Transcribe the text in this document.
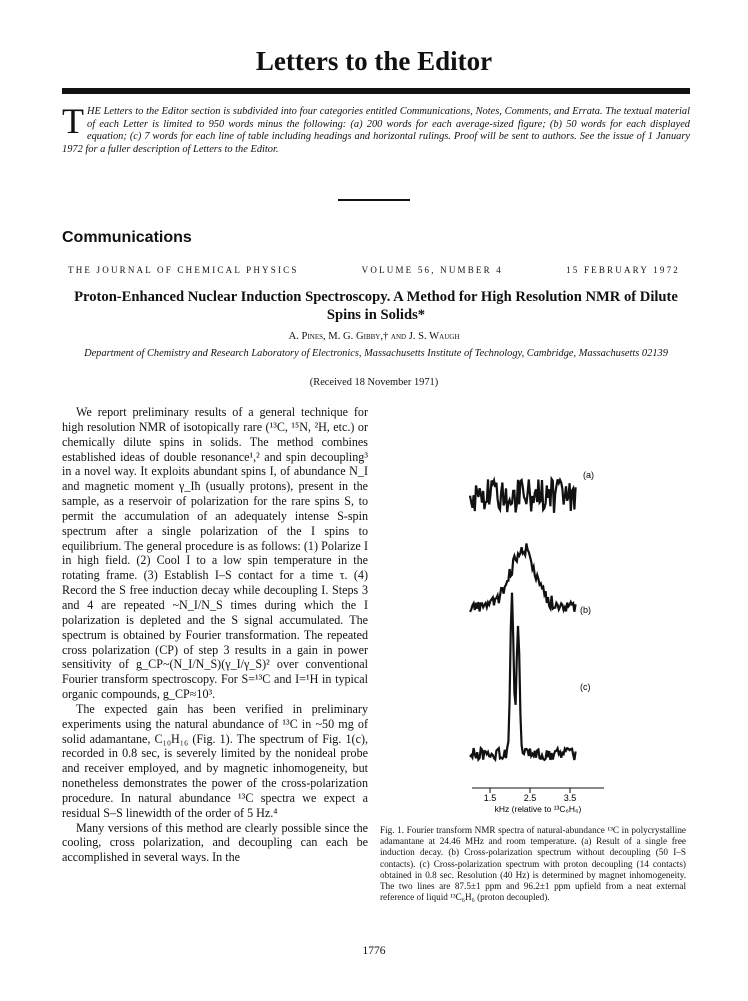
Letters to the Editor
THE Letters to the Editor section is subdivided into four categories entitled Communications, Notes, Comments, and Errata. The textual material of each Letter is limited to 950 words minus the following: (a) 200 words for each average-sized figure; (b) 50 words for each displayed equation; (c) 7 words for each line of table including headings and horizontal rulings. Proof will be sent to authors. See the issue of 1 January 1972 for a fuller description of Letters to the Editor.
Communications
THE JOURNAL OF CHEMICAL PHYSICS	VOLUME 56, NUMBER 4	15 FEBRUARY 1972
Proton-Enhanced Nuclear Induction Spectroscopy. A Method for High Resolution NMR of Dilute Spins in Solids*
A. Pines, M. G. Gibby,† and J. S. Waugh
Department of Chemistry and Research Laboratory of Electronics, Massachusetts Institute of Technology, Cambridge, Massachusetts 02139
(Received 18 November 1971)

We report preliminary results of a general technique for high resolution NMR of isotopically rare (¹³C, ¹⁵N, ²H, etc.) or chemically dilute spins in solids. The method combines established ideas of double resonance¹,² and spin decoupling³ in a novel way. It exploits abundant spins I, of abundance N_I and magnetic moment γ_Iħ (usually protons), present in the sample, as a reservoir of polarization for the rare spins S, to permit the accumulation of an adequately intense S-spin spectrum after a single polarization of the I spins to equilibrium. The general procedure is as follows: (1) Polarize I in high field. (2) Cool I to a low spin temperature in the rotating frame. (3) Establish I–S contact for a time τ. (4) Record the S free induction decay while decoupling I. Steps 3 and 4 are repeated ~N_I/N_S times during which the I polarization is depleted and the S signal accumulated. The spectrum is obtained by Fourier transformation. The repeated cross polarization (CP) of step 3 results in a gain in power sensitivity of g_CP~(N_I/N_S)(γ_I/γ_S)² over conventional Fourier transform spectroscopy. For S=¹³C and I=¹H in typical organic compounds, g_CP≈10³.

The expected gain has been verified in preliminary experiments using the natural abundance of ¹³C in ~50 mg of solid adamantane, C₁₀H₁₆ (Fig. 1). The spectrum of Fig. 1(c), recorded in 0.8 sec, is severely limited by the nonideal probe and receiver employed, and by magnetic inhomogeneity, but nonetheless demonstrates the power of the cross-polarization procedure. In natural abundance ¹³C spectra we expect a residual S–S linewidth of the order of 5 Hz.⁴

Many versions of this method are clearly possible since the cooling, cross polarization, and decoupling can each be accomplished in several ways. In the

(a)
(b)
(c)
1.5	2.5	3.5
kHz (relative to ¹³C₆H₆)
Fig. 1. Fourier transform NMR spectra of natural-abundance ¹³C in polycrystalline adamantane at 24.46 MHz and room temperature. (a) Result of a single free induction decay. (b) Cross-polarization spectrum without decoupling (50 I–S contacts). (c) Cross-polarization spectrum with proton decoupling (14 contacts) obtained in 0.8 sec. Resolution (40 Hz) is determined by magnet inhomogeneity. The two lines are 87.5±1 ppm and 96.2±1 ppm upfield from a neat external reference of liquid ¹³C₆H₆ (proton decoupled).
1776
